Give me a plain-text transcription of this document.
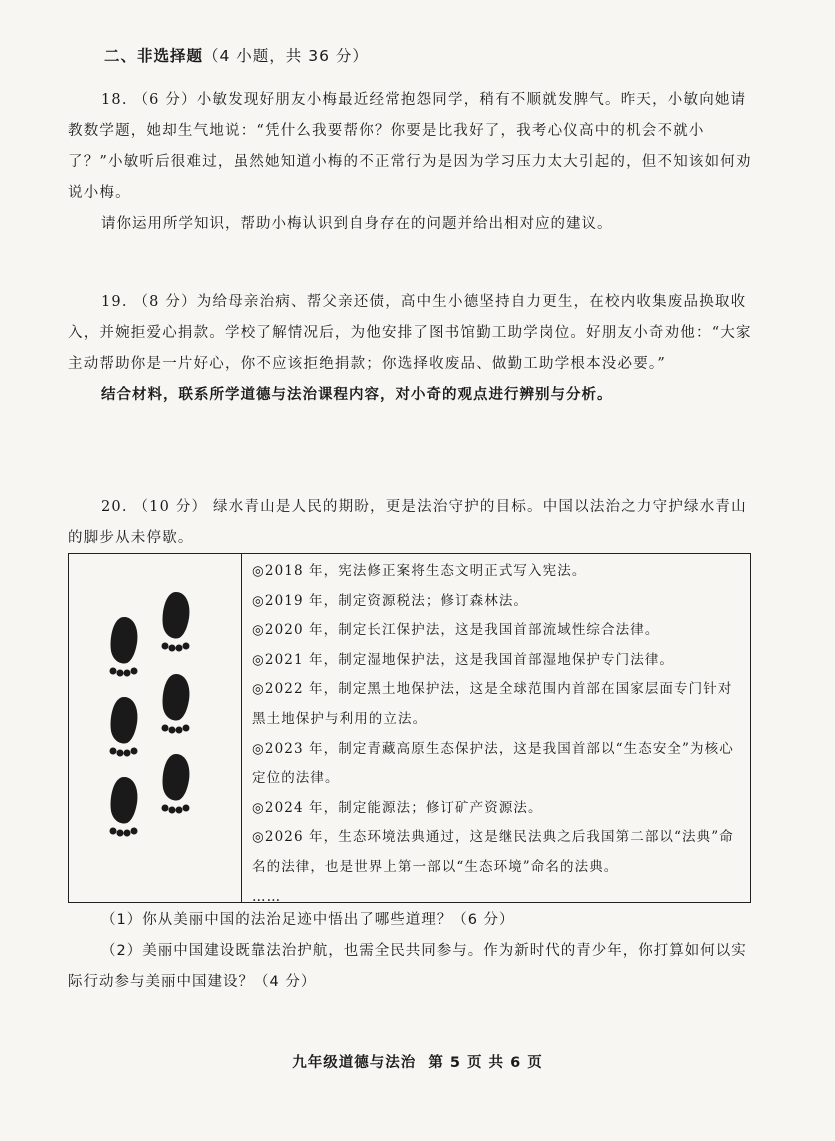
二、非选择题（4 小题，共 36 分）

18. （6 分）小敏发现好朋友小梅最近经常抱怨同学，稍有不顺就发脾气。昨天，小敏向她请教数学题，她却生气地说：“凭什么我要帮你？你要是比我好了，我考心仪高中的机会不就小了？”小敏听后很难过，虽然她知道小梅的不正常行为是因为学习压力太大引起的，但不知该如何劝说小梅。

请你运用所学知识，帮助小梅认识到自身存在的问题并给出相对应的建议。

19. （8 分）为给母亲治病、帮父亲还债，高中生小德坚持自力更生，在校内收集废品换取收入，并婉拒爱心捐款。学校了解情况后，为他安排了图书馆勤工助学岗位。好朋友小奇劝他：“大家主动帮助你是一片好心，你不应该拒绝捐款；你选择收废品、做勤工助学根本没必要。”

结合材料，联系所学道德与法治课程内容，对小奇的观点进行辨别与分析。

20. （10 分） 绿水青山是人民的期盼，更是法治守护的目标。中国以法治之力守护绿水青山的脚步从未停歇。

◎2018 年，宪法修正案将生态文明正式写入宪法。
◎2019 年，制定资源税法；修订森林法。
◎2020 年，制定长江保护法，这是我国首部流域性综合法律。
◎2021 年，制定湿地保护法，这是我国首部湿地保护专门法律。
◎2022 年，制定黑土地保护法，这是全球范围内首部在国家层面专门针对黑土地保护与利用的立法。
◎2023 年，制定青藏高原生态保护法，这是我国首部以“生态安全”为核心定位的法律。
◎2024 年，制定能源法；修订矿产资源法。
◎2026 年，生态环境法典通过，这是继民法典之后我国第二部以“法典”命名的法律，也是世界上第一部以“生态环境”命名的法典。
……

（1）你从美丽中国的法治足迹中悟出了哪些道理？（6 分）

（2）美丽中国建设既靠法治护航，也需全民共同参与。作为新时代的青少年，你打算如何以实际行动参与美丽中国建设？（4 分）

九年级道德与法治 第 5 页 共 6 页
